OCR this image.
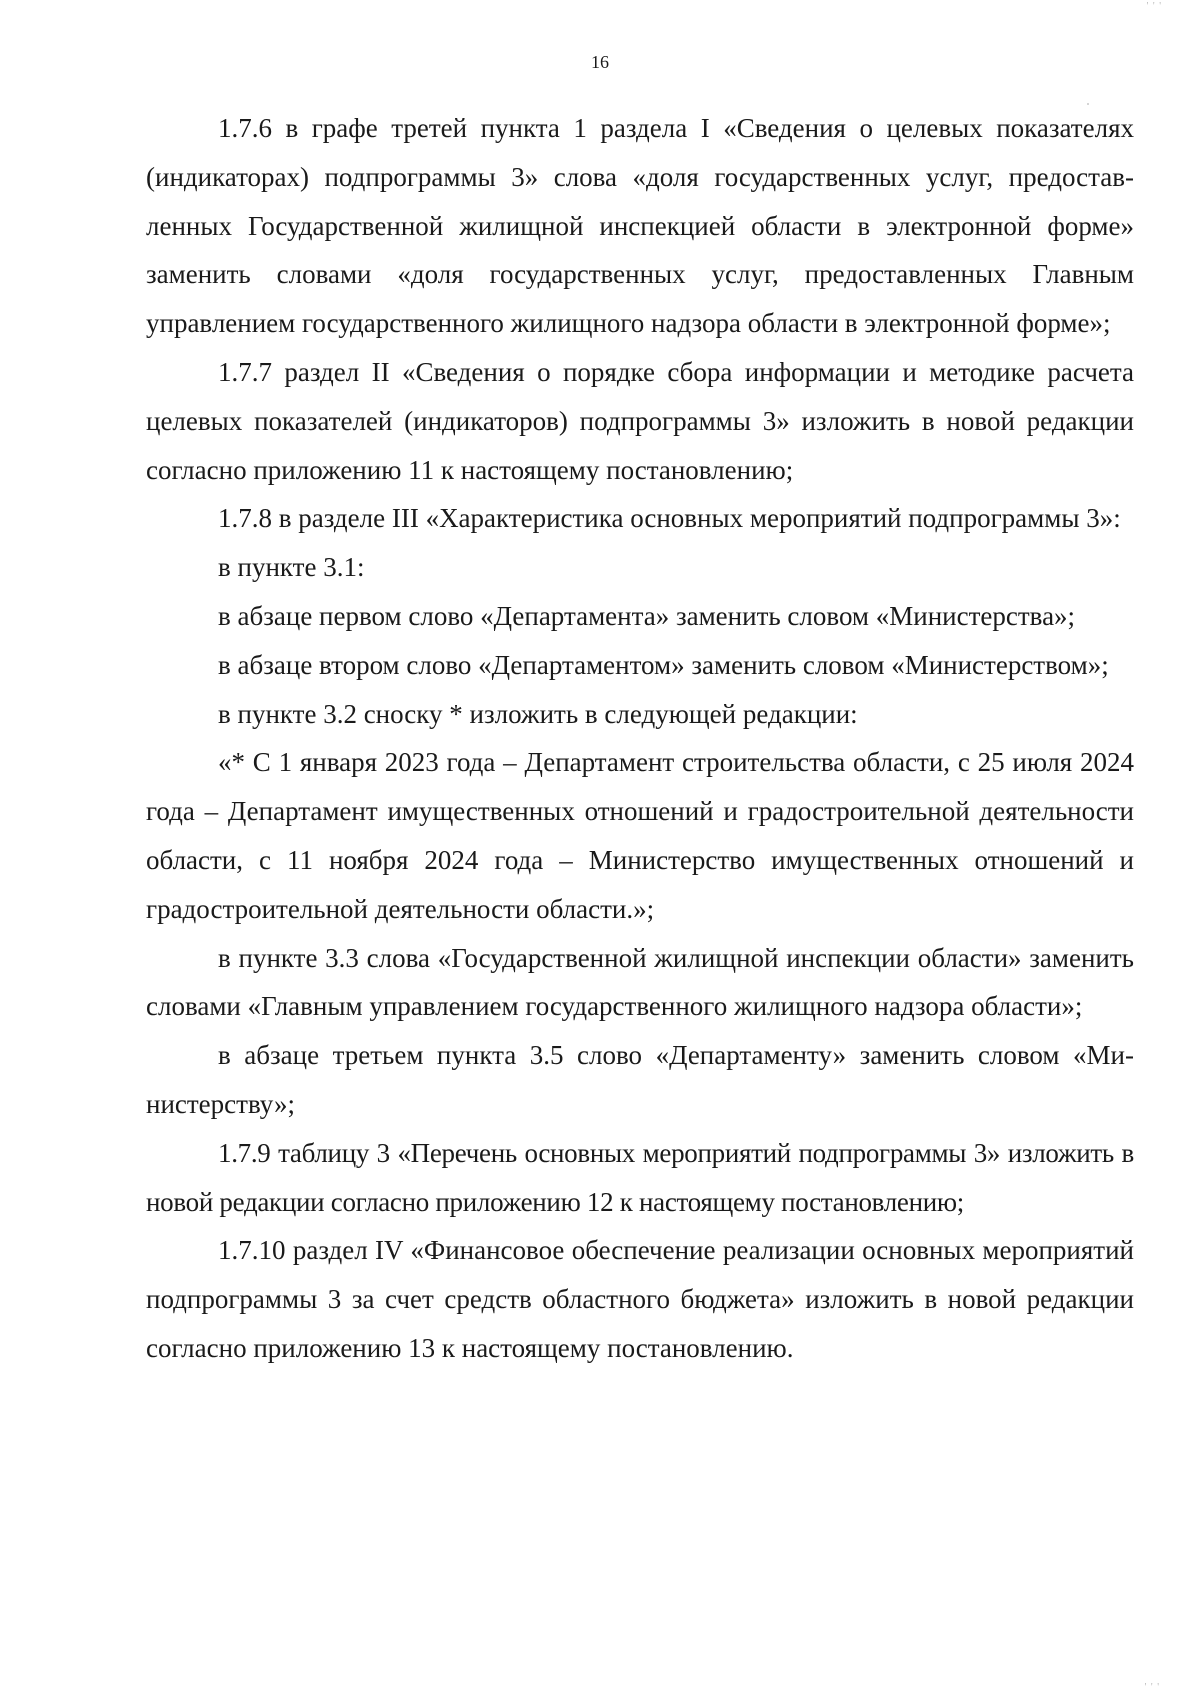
' ' '
16

1.7.6 в графе третей пункта 1 раздела I «Сведения о целевых показателях (индикаторах) подпрограммы 3» слова «доля государственных услуг, предоставленных Государственной жилищной инспекцией области в электронной форме» заменить словами «доля государственных услуг, предоставленных Главным управлением государственного жилищного надзора области в электронной форме»;

1.7.7 раздел II «Сведения о порядке сбора информации и методике расчета целевых показателей (индикаторов) подпрограммы 3» изложить в новой редакции согласно приложению 11 к настоящему постановлению;

1.7.8 в разделе III «Характеристика основных мероприятий подпрограммы 3»:

в пункте 3.1:

в абзаце первом слово «Департамента» заменить словом «Министерства»;

в абзаце втором слово «Департаментом» заменить словом «Министерством»;

в пункте 3.2 сноску * изложить в следующей редакции:

«* С 1 января 2023 года – Департамент строительства области, с 25 июля 2024 года – Департамент имущественных отношений и градостроительной деятельности области, с 11 ноября 2024 года – Министерство имущественных отношений и градостроительной деятельности области.»;

в пункте 3.3 слова «Государственной жилищной инспекции области» заменить словами «Главным управлением государственного жилищного надзора области»;

в абзаце третьем пункта 3.5 слово «Департаменту» заменить словом «Министерству»;

1.7.9 таблицу 3 «Перечень основных мероприятий подпрограммы 3» изложить в новой редакции согласно приложению 12 к настоящему постановлению;

1.7.10 раздел IV «Финансовое обеспечение реализации основных мероприятий подпрограммы 3 за счет средств областного бюджета» изложить в новой редакции согласно приложению 13 к настоящему постановлению.

' ' '
